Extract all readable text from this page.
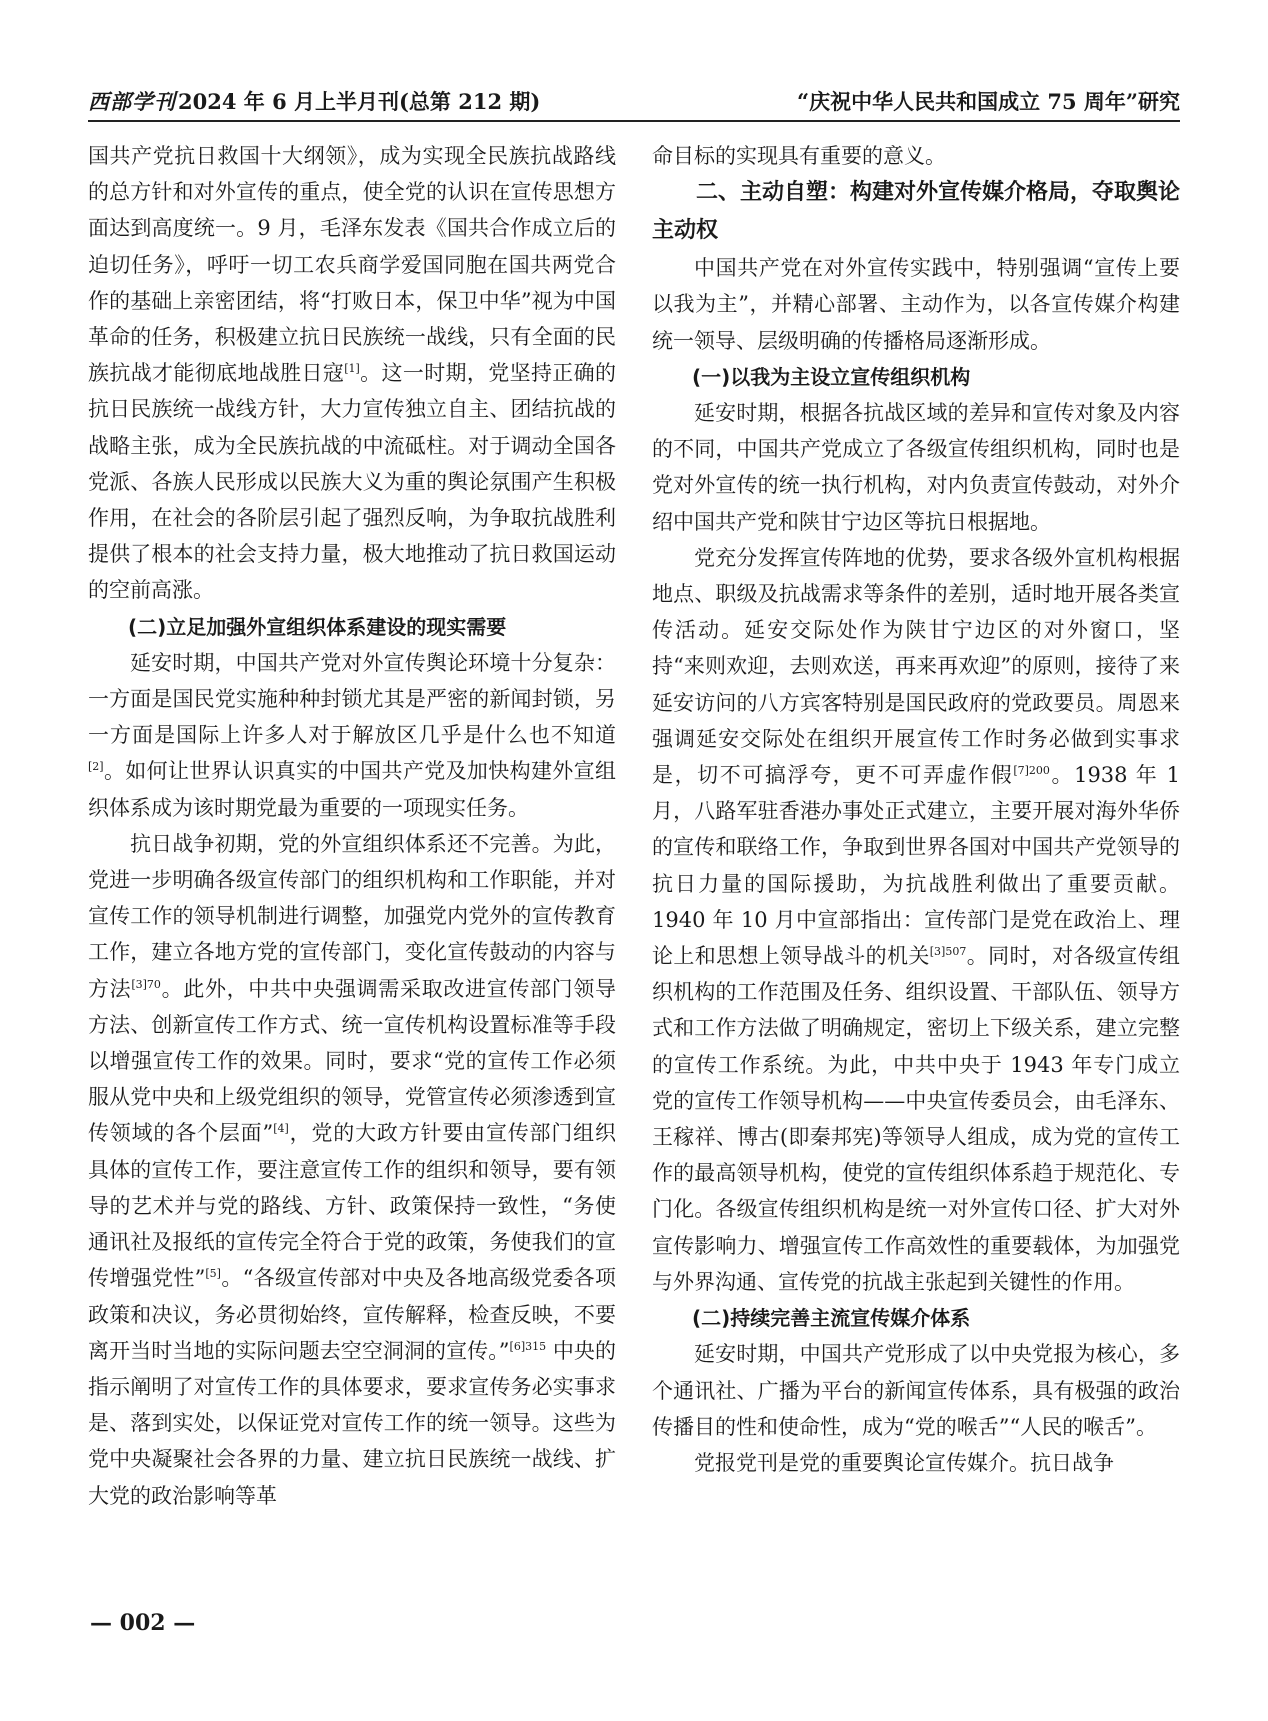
西部学刊2024 年 6 月上半月刊(总第 212 期)	“庆祝中华人民共和国成立 75 周年”研究

国共产党抗日救国十大纲领》，成为实现全民族抗战路线的总方针和对外宣传的重点，使全党的认识在宣传思想方面达到高度统一。9 月，毛泽东发表《国共合作成立后的迫切任务》，呼吁一切工农兵商学爱国同胞在国共两党合作的基础上亲密团结，将“打败日本，保卫中华”视为中国革命的任务，积极建立抗日民族统一战线，只有全面的民族抗战才能彻底地战胜日寇[1]。这一时期，党坚持正确的抗日民族统一战线方针，大力宣传独立自主、团结抗战的战略主张，成为全民族抗战的中流砥柱。对于调动全国各党派、各族人民形成以民族大义为重的舆论氛围产生积极作用，在社会的各阶层引起了强烈反响，为争取抗战胜利提供了根本的社会支持力量，极大地推动了抗日救国运动的空前高涨。

(二)立足加强外宣组织体系建设的现实需要

延安时期，中国共产党对外宣传舆论环境十分复杂：一方面是国民党实施种种封锁尤其是严密的新闻封锁，另一方面是国际上许多人对于解放区几乎是什么也不知道[2]。如何让世界认识真实的中国共产党及加快构建外宣组织体系成为该时期党最为重要的一项现实任务。

抗日战争初期，党的外宣组织体系还不完善。为此，党进一步明确各级宣传部门的组织机构和工作职能，并对宣传工作的领导机制进行调整，加强党内党外的宣传教育工作，建立各地方党的宣传部门，变化宣传鼓动的内容与方法$^{[3]70}$。此外，中共中央强调需采取改进宣传部门领导方法、创新宣传工作方式、统一宣传机构设置标准等手段以增强宣传工作的效果。同时，要求“党的宣传工作必须服从党中央和上级党组织的领导，党管宣传必须渗透到宣传领域的各个层面”[4]，党的大政方针要由宣传部门组织具体的宣传工作，要注意宣传工作的组织和领导，要有领导的艺术并与党的路线、方针、政策保持一致性，“务使通讯社及报纸的宣传完全符合于党的政策，务使我们的宣传增强党性”[5]。“各级宣传部对中央及各地高级党委各项政策和决议，务必贯彻始终，宣传解释，检查反映，不要离开当时当地的实际问题去空空洞洞的宣传。”$^{[6]315}$ 中央的指示阐明了对宣传工作的具体要求，要求宣传务必实事求是、落到实处，以保证党对宣传工作的统一领导。这些为党中央凝聚社会各界的力量、建立抗日民族统一战线、扩大党的政治影响等革

命目标的实现具有重要的意义。

二、主动自塑：构建对外宣传媒介格局，夺取舆论主动权

中国共产党在对外宣传实践中，特别强调“宣传上要以我为主”，并精心部署、主动作为，以各宣传媒介构建统一领导、层级明确的传播格局逐渐形成。

(一)以我为主设立宣传组织机构

延安时期，根据各抗战区域的差异和宣传对象及内容的不同，中国共产党成立了各级宣传组织机构，同时也是党对外宣传的统一执行机构，对内负责宣传鼓动，对外介绍中国共产党和陕甘宁边区等抗日根据地。

党充分发挥宣传阵地的优势，要求各级外宣机构根据地点、职级及抗战需求等条件的差别，适时地开展各类宣传活动。延安交际处作为陕甘宁边区的对外窗口，坚持“来则欢迎，去则欢送，再来再欢迎”的原则，接待了来延安访问的八方宾客特别是国民政府的党政要员。周恩来强调延安交际处在组织开展宣传工作时务必做到实事求是，切不可搞浮夸，更不可弄虚作假$^{[7]200}$。1938 年 1 月，八路军驻香港办事处正式建立，主要开展对海外华侨的宣传和联络工作，争取到世界各国对中国共产党领导的抗日力量的国际援助，为抗战胜利做出了重要贡献。1940 年 10 月中宣部指出：宣传部门是党在政治上、理论上和思想上领导战斗的机关$^{[3]507}$。同时，对各级宣传组织机构的工作范围及任务、组织设置、干部队伍、领导方式和工作方法做了明确规定，密切上下级关系，建立完整的宣传工作系统。为此，中共中央于 1943 年专门成立党的宣传工作领导机构——中央宣传委员会，由毛泽东、王稼祥、博古(即秦邦宪)等领导人组成，成为党的宣传工作的最高领导机构，使党的宣传组织体系趋于规范化、专门化。各级宣传组织机构是统一对外宣传口径、扩大对外宣传影响力、增强宣传工作高效性的重要载体，为加强党与外界沟通、宣传党的抗战主张起到关键性的作用。

(二)持续完善主流宣传媒介体系

延安时期，中国共产党形成了以中央党报为核心，多个通讯社、广播为平台的新闻宣传体系，具有极强的政治传播目的性和使命性，成为“党的喉舌”“人民的喉舌”。

党报党刊是党的重要舆论宣传媒介。抗日战争

— 002 —
